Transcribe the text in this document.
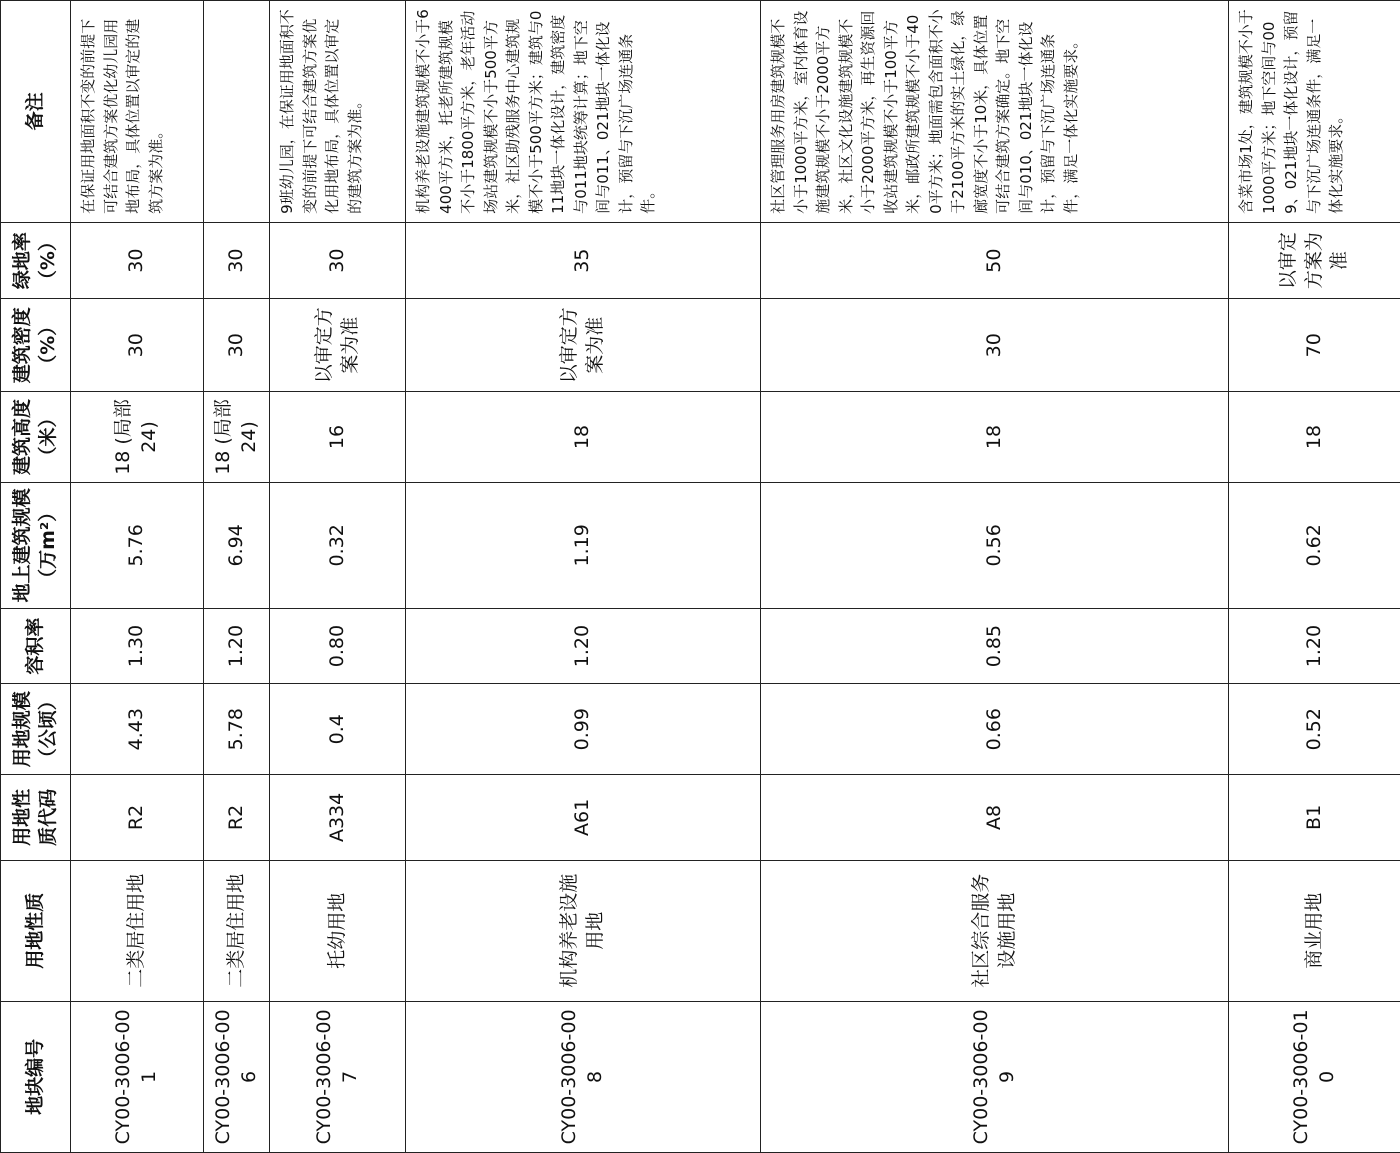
地块编号	用地性质	用地性质代码	用地规模（公顷）	容积率	地上建筑规模（万m²）	建筑高度（米）	建筑密度（%）	绿地率（%）	备注
CY00-3006-001	二类居住用地	R2	4.43	1.30	5.76	18 (局部24)	30	30	在保证用地面积不变的前提下可结合建筑方案优化幼儿园用地布局，具体位置以审定的建筑方案为准。
CY00-3006-006	二类居住用地	R2	5.78	1.20	6.94	18 (局部24)	30	30	
CY00-3006-007	托幼用地	A334	0.4	0.80	0.32	16	以审定方案为准	30	9班幼儿园，在保证用地面积不变的前提下可结合建筑方案优化用地布局，具体位置以审定的建筑方案为准。
CY00-3006-008	机构养老设施用地	A61	0.99	1.20	1.19	18	以审定方案为准	35	机构养老设施建筑规模不小于6400平方米，托老所建筑规模不小于1800平方米，老年活动场站建筑规模不小于500平方米，社区助残服务中心建筑规模不小于500平方米；建筑与011地块一体化设计，建筑密度与011地块统筹计算；地下空间与011、021地块一体化设计，预留与下沉广场连通条件。
CY00-3006-009	社区综合服务设施用地	A8	0.66	0.85	0.56	18	30	50	社区管理服务用房建筑规模不小于1000平方米，室内体育设施建筑规模不小于2000平方米，社区文化设施建筑规模不小于2000平方米，再生资源回收站建筑规模不小于100平方米，邮政所建筑规模不小于400平方米；地面需包含面积不小于2100平方米的实土绿化，绿廊宽度不小于10米，具体位置可结合建筑方案确定。地下空间与010、021地块一体化设计，预留与下沉广场连通条件，满足一体化实施要求。
CY00-3006-010	商业用地	B1	0.52	1.20	0.62	18	70	以审定方案为准	含菜市场1处，建筑规模不小于1000平方米；地下空间与009、021地块一体化设计，预留与下沉广场连通条件，满足一体化实施要求。
